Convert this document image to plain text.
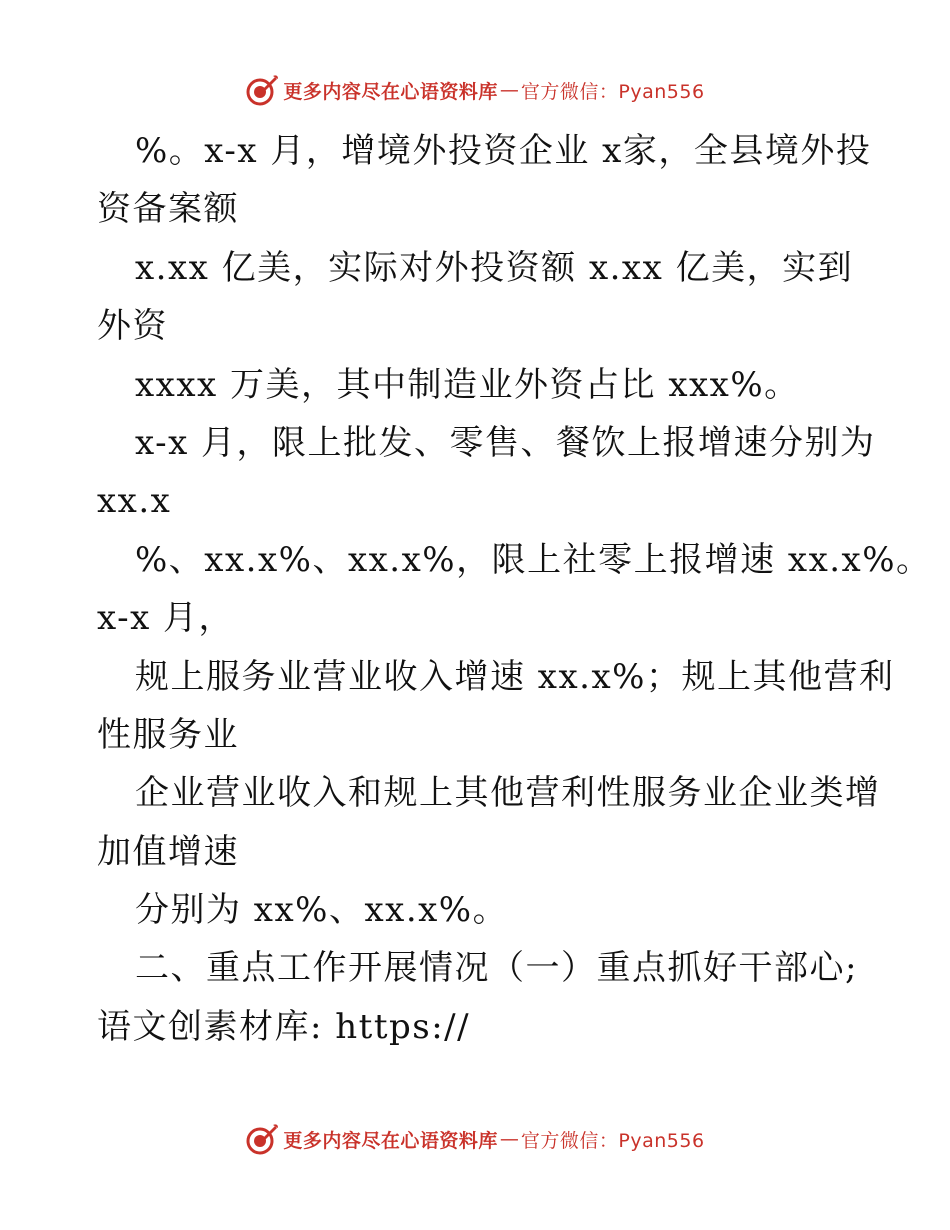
更多内容尽在心语资料库 — 官方微信：Pyan556
%。x-x 月，增境外投资企业 x家，全县境外投
资备案额
x.xx 亿美，实际对外投资额 x.xx 亿美，实到
外资
xxxx 万美，其中制造业外资占比 xxx%。
x-x 月，限上批发、零售、餐饮上报增速分别为
xx.x
%、xx.x%、xx.x%，限上社零上报增速 xx.x%。
x-x 月，
规上服务业营业收入增速 xx.x%；规上其他营利
性服务业
企业营业收入和规上其他营利性服务业企业类增
加值增速
分别为 xx%、xx.x%。
二、重点工作开展情况（一）重点抓好干部心;
语文创素材库: https://
更多内容尽在心语资料库 — 官方微信：Pyan556
